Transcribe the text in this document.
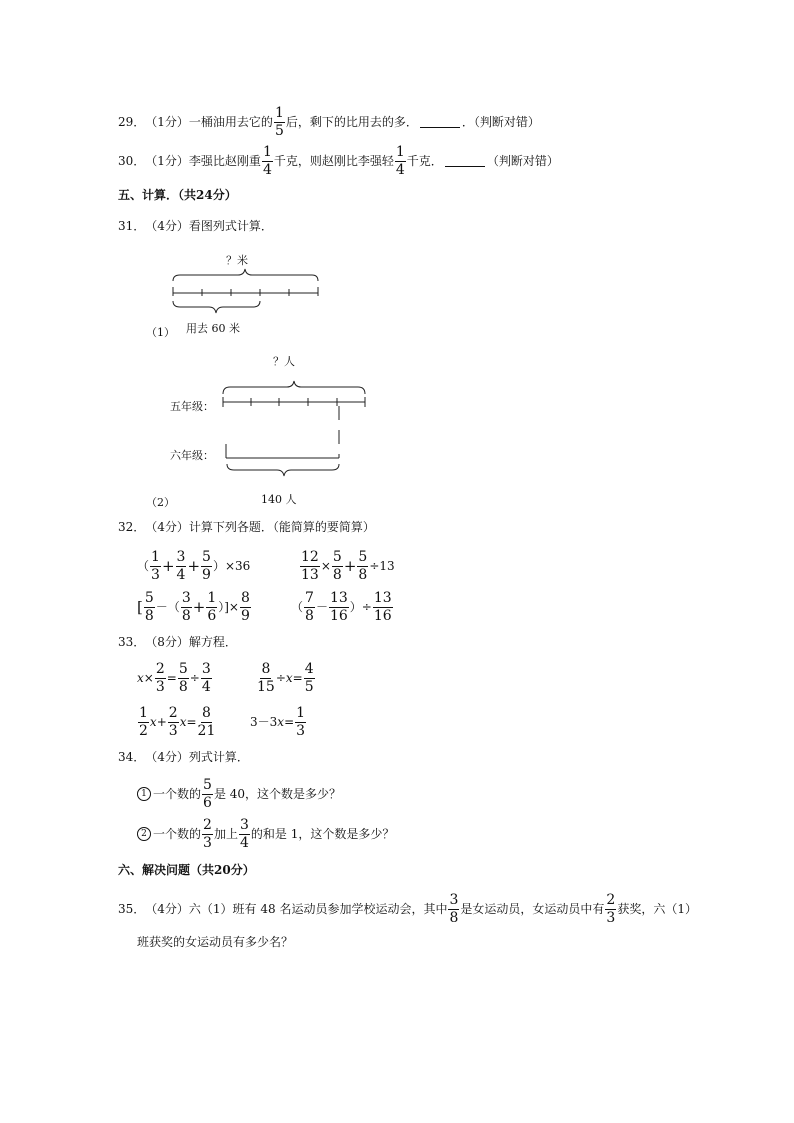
29． （1分） 一桶油用去它的 $\frac{1}{5}$ 后，剩下的比用去的多．	．（判断对错）
30． （1分） 李强比赵刚重 $\frac{1}{4}$ 千克，则赵刚比李强轻 $\frac{1}{4}$ 千克．	（判断对错）
五、计算．（共24分）
31． （4分） 看图列式计算．
？米
（1） 用去 60 米
？人
五年级：
六年级：
140 人
（2）
32． （4分） 计算下列各题．（能简算的要简算）
（ $\frac{1}{3} + \frac{3}{4} + \frac{5}{9}$ ） ×36	$\frac{12}{13} \times \frac{5}{8} + \frac{5}{8} \div 13$
[ $\frac{5}{8}$ － （ $\frac{3}{8} + \frac{1}{6}$ ）]× $\frac{8}{9}$	（ $\frac{7}{8} - \frac{13}{16}$ ）÷ $\frac{13}{16}$
33． （8分） 解方程．
$x \times \frac{2}{3} = \frac{5}{8} \div \frac{3}{4}$	$\frac{8}{15} \div x = \frac{4}{5}$
$\frac{1}{2}$ $x + \frac{2}{3}$ $x = \frac{8}{21}$	3－3 $x = \frac{1}{3}$
34． （4分） 列式计算．
1 一个数的 $\frac{5}{6}$ 是 40，这个数是多少？
2 一个数的 $\frac{2}{3}$ 加上 $\frac{3}{4}$ 的和是 1，这个数是多少？
六、解决问题（共20分）
35． （4分） 六（1）班有 48 名运动员参加学校运动会，其中 $\frac{3}{8}$ 是女运动员，女运动员中有 $\frac{2}{3}$ 获奖，六（1）
班获奖的女运动员有多少名？
